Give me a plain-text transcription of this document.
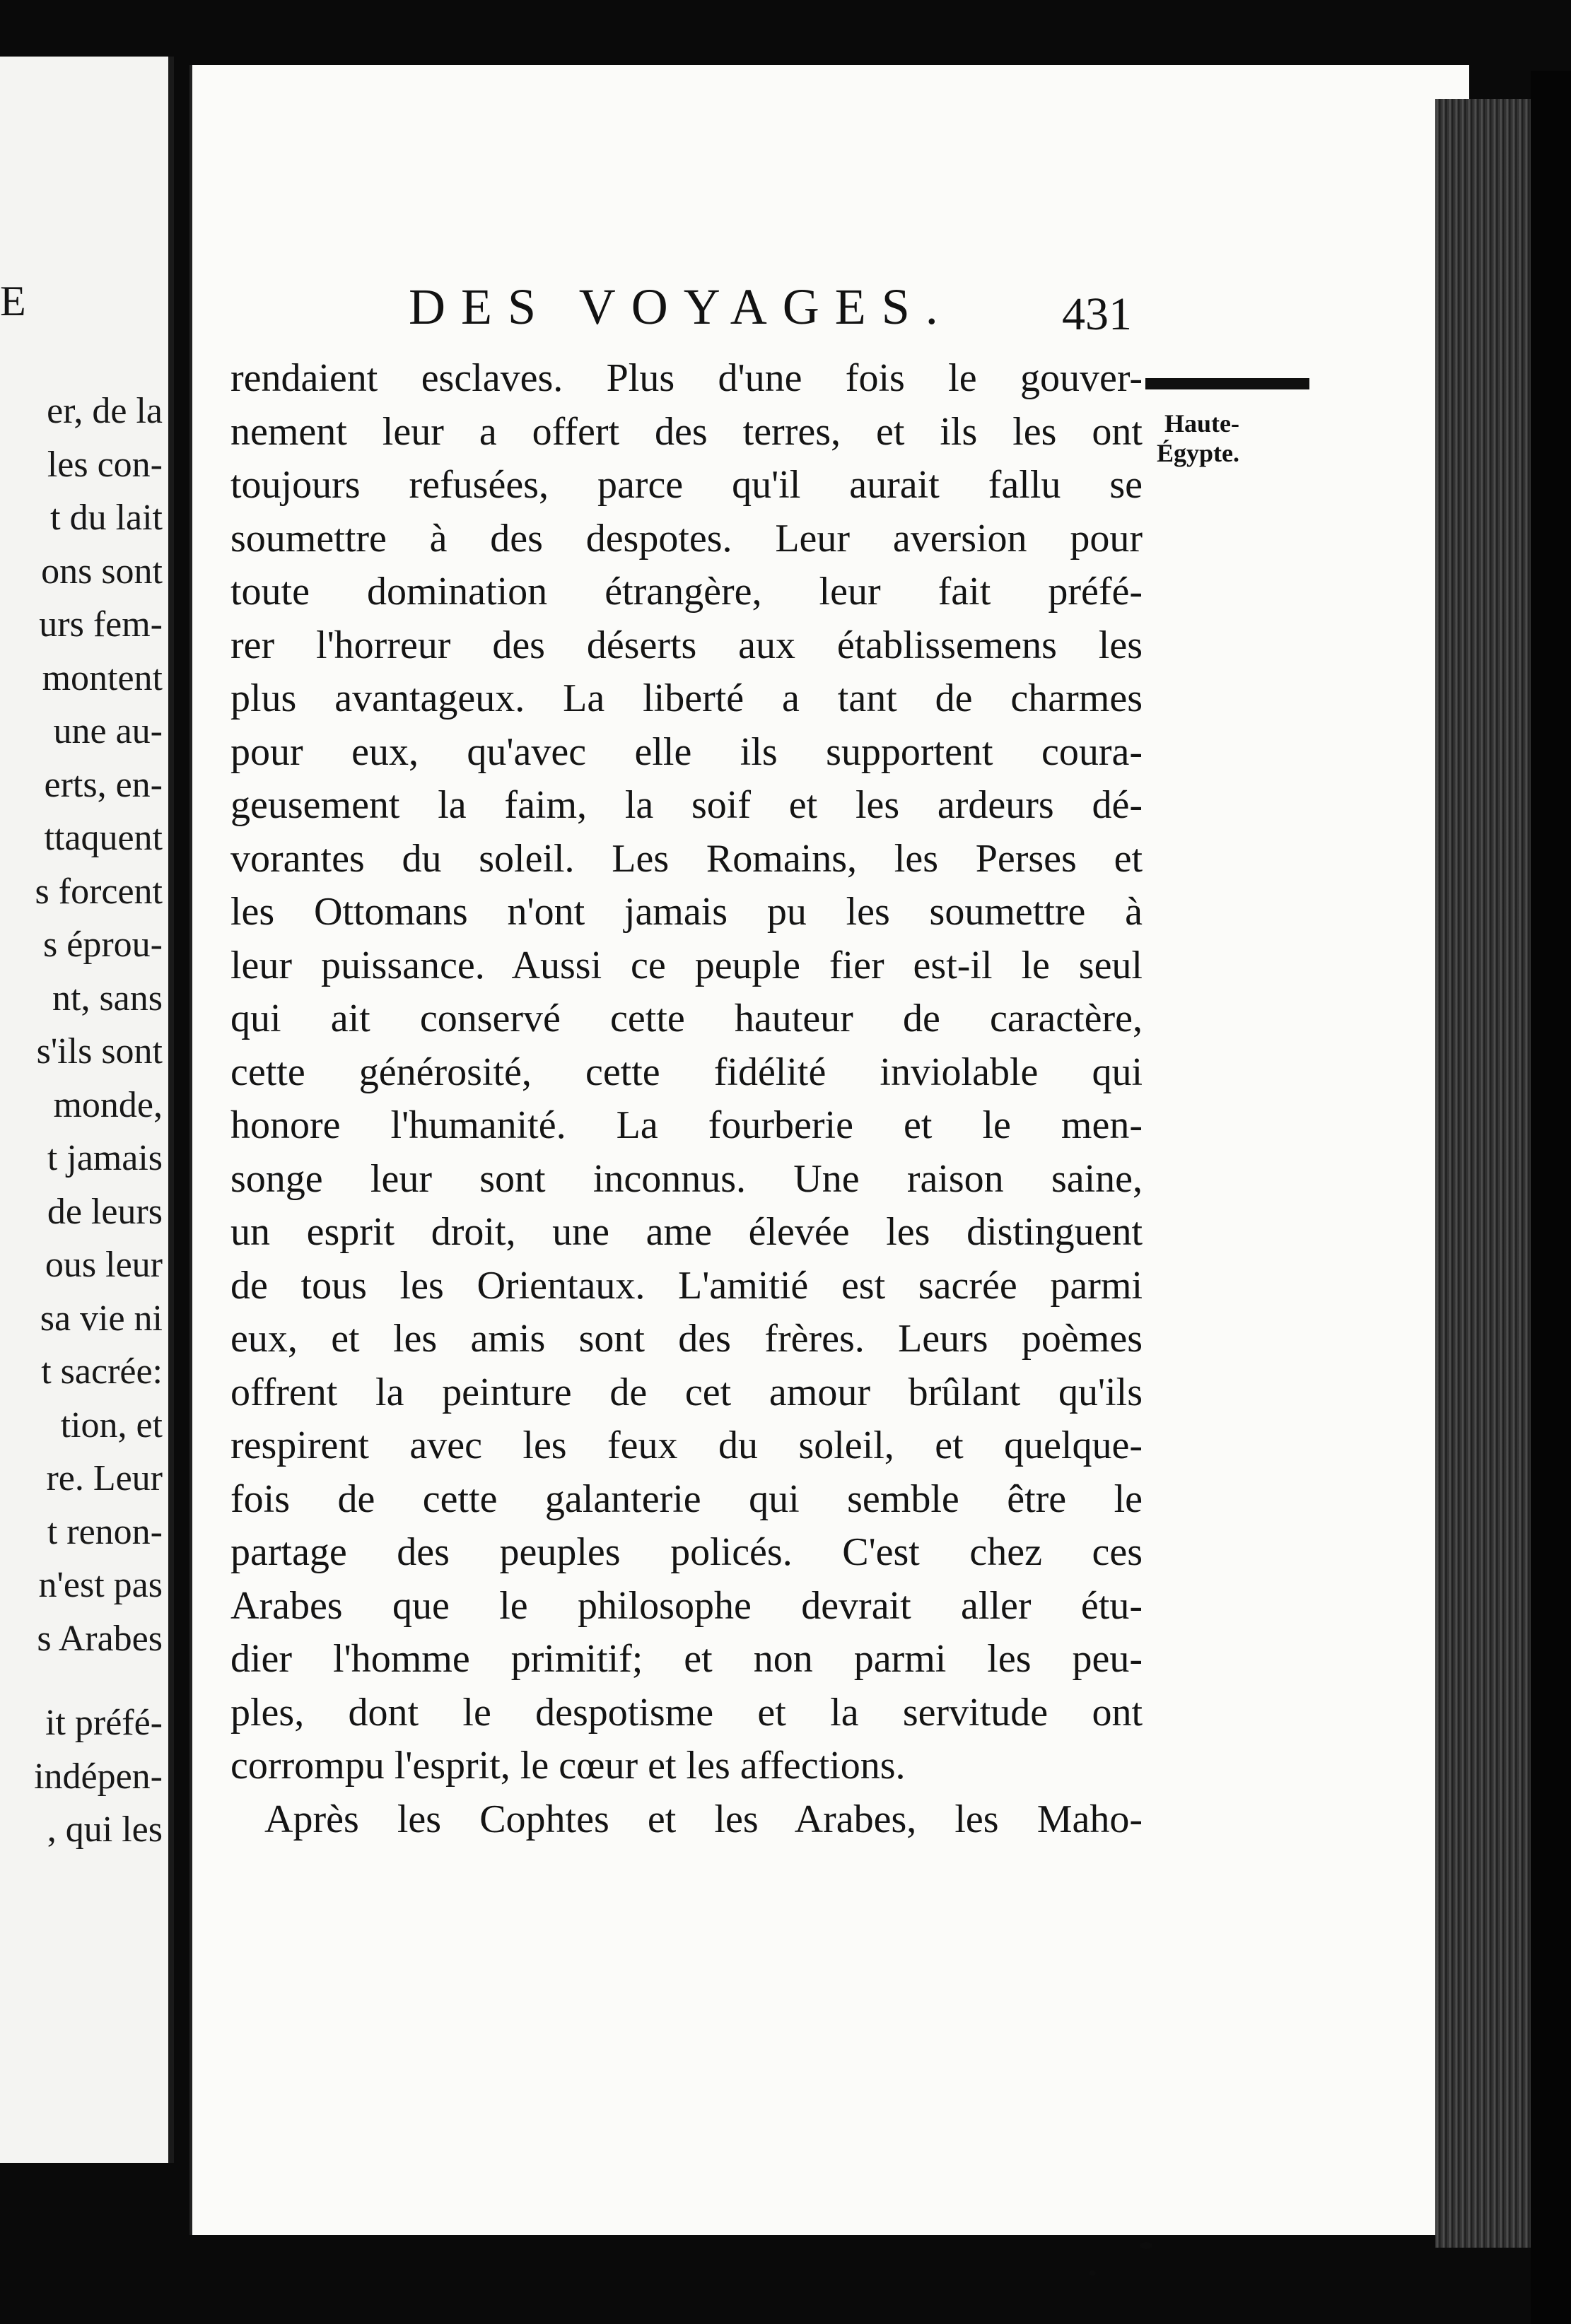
E
er, de la
les con-
t du lait
ons sont
urs fem-
montent
une au-
erts, en-
ttaquent
s forcent
s éprou-
nt, sans
s'ils sont
monde,
t jamais
de leurs
ous leur
sa vie ni
t sacrée:
tion, et
re. Leur
t renon-
n'est pas
s Arabes
it préfé-
indépen-
, qui les
DES VOYAGES. 431
Haute-
Égypte.
rendaient esclaves. Plus d'une fois le gouver-
nement leur a offert des terres, et ils les ont
toujours refusées, parce qu'il aurait fallu se
soumettre à des despotes. Leur aversion pour
toute domination étrangère, leur fait préfé-
rer l'horreur des déserts aux établissemens les
plus avantageux. La liberté a tant de charmes
pour eux, qu'avec elle ils supportent coura-
geusement la faim, la soif et les ardeurs dé-
vorantes du soleil. Les Romains, les Perses et
les Ottomans n'ont jamais pu les soumettre à
leur puissance. Aussi ce peuple fier est-il le seul
qui ait conservé cette hauteur de caractère,
cette générosité, cette fidélité inviolable qui
honore l'humanité. La fourberie et le men-
songe leur sont inconnus. Une raison saine,
un esprit droit, une ame élevée les distinguent
de tous les Orientaux. L'amitié est sacrée parmi
eux, et les amis sont des frères. Leurs poèmes
offrent la peinture de cet amour brûlant qu'ils
respirent avec les feux du soleil, et quelque-
fois de cette galanterie qui semble être le
partage des peuples policés. C'est chez ces
Arabes que le philosophe devrait aller étu-
dier l'homme primitif; et non parmi les peu-
ples, dont le despotisme et la servitude ont
corrompu l'esprit, le cœur et les affections.
Après les Cophtes et les Arabes, les Maho-
